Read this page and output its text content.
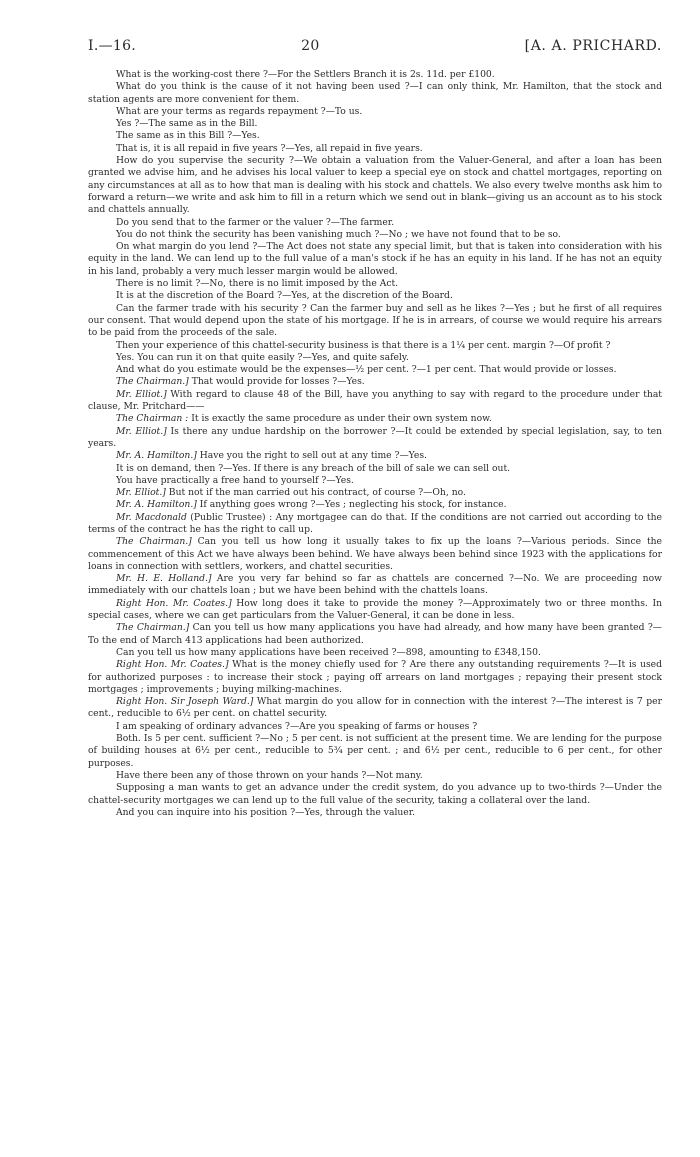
I.—16.	20	[A. A. PRICHARD.

What is the working-cost there ?—For the Settlers Branch it is 2s. 11d. per £100.

What do you think is the cause of it not having been used ?—I can only think, Mr. Hamilton, that the stock and station agents are more convenient for them.

What are your terms as regards repayment ?—To us.

Yes ?—The same as in the Bill.

The same as in this Bill ?—Yes.

That is, it is all repaid in five years ?—Yes, all repaid in five years.

How do you supervise the security ?—We obtain a valuation from the Valuer-General, and after a loan has been granted we advise him, and he advises his local valuer to keep a special eye on stock and chattel mortgages, reporting on any circumstances at all as to how that man is dealing with his stock and chattels. We also every twelve months ask him to forward a return—we write and ask him to fill in a return which we send out in blank—giving us an account as to his stock and chattels annually.

Do you send that to the farmer or the valuer ?—The farmer.

You do not think the security has been vanishing much ?—No ; we have not found that to be so.

On what margin do you lend ?—The Act does not state any special limit, but that is taken into consideration with his equity in the land. We can lend up to the full value of a man's stock if he has an equity in his land. If he has not an equity in his land, probably a very much lesser margin would be allowed.

There is no limit ?—No, there is no limit imposed by the Act.

It is at the discretion of the Board ?—Yes, at the discretion of the Board.

Can the farmer trade with his security ? Can the farmer buy and sell as he likes ?—Yes ; but he first of all requires our consent. That would depend upon the state of his mortgage. If he is in arrears, of course we would require his arrears to be paid from the proceeds of the sale.

Then your experience of this chattel-security business is that there is a 1¼ per cent. margin ?—Of profit ?

Yes. You can run it on that quite easily ?—Yes, and quite safely.

And what do you estimate would be the expenses—½ per cent. ?—1 per cent. That would provide or losses.

The Chairman.] That would provide for losses ?—Yes.

Mr. Elliot.] With regard to clause 48 of the Bill, have you anything to say with regard to the procedure under that clause, Mr. Pritchard——

The Chairman : It is exactly the same procedure as under their own system now.

Mr. Elliot.] Is there any undue hardship on the borrower ?—It could be extended by special legislation, say, to ten years.

Mr. A. Hamilton.] Have you the right to sell out at any time ?—Yes.

It is on demand, then ?—Yes. If there is any breach of the bill of sale we can sell out.

You have practically a free hand to yourself ?—Yes.

Mr. Elliot.] But not if the man carried out his contract, of course ?—Oh, no.

Mr. A. Hamilton.] If anything goes wrong ?—Yes ; neglecting his stock, for instance.

Mr. Macdonald (Public Trustee) : Any mortgagee can do that. If the conditions are not carried out according to the terms of the contract he has the right to call up.

The Chairman.] Can you tell us how long it usually takes to fix up the loans ?—Various periods. Since the commencement of this Act we have always been behind. We have always been behind since 1923 with the applications for loans in connection with settlers, workers, and chattel securities.

Mr. H. E. Holland.] Are you very far behind so far as chattels are concerned ?—No. We are proceeding now immediately with our chattels loan ; but we have been behind with the chattels loans.

Right Hon. Mr. Coates.] How long does it take to provide the money ?—Approximately two or three months. In special cases, where we can get particulars from the Valuer-General, it can be done in less.

The Chairman.] Can you tell us how many applications you have had already, and how many have been granted ?—To the end of March 413 applications had been authorized.

Can you tell us how many applications have been received ?—898, amounting to £348,150.

Right Hon. Mr. Coates.] What is the money chiefly used for ? Are there any outstanding requirements ?—It is used for authorized purposes : to increase their stock ; paying off arrears on land mortgages ; repaying their present stock mortgages ; improvements ; buying milking-machines.

Right Hon. Sir Joseph Ward.] What margin do you allow for in connection with the interest ?—The interest is 7 per cent., reducible to 6½ per cent. on chattel security.

I am speaking of ordinary advances ?—Are you speaking of farms or houses ?

Both. Is 5 per cent. sufficient ?—No ; 5 per cent. is not sufficient at the present time. We are lending for the purpose of building houses at 6½ per cent., reducible to 5¾ per cent. ; and 6½ per cent., reducible to 6 per cent., for other purposes.

Have there been any of those thrown on your hands ?—Not many.

Supposing a man wants to get an advance under the credit system, do you advance up to two-thirds ?—Under the chattel-security mortgages we can lend up to the full value of the security, taking a collateral over the land.

And you can inquire into his position ?—Yes, through the valuer.
